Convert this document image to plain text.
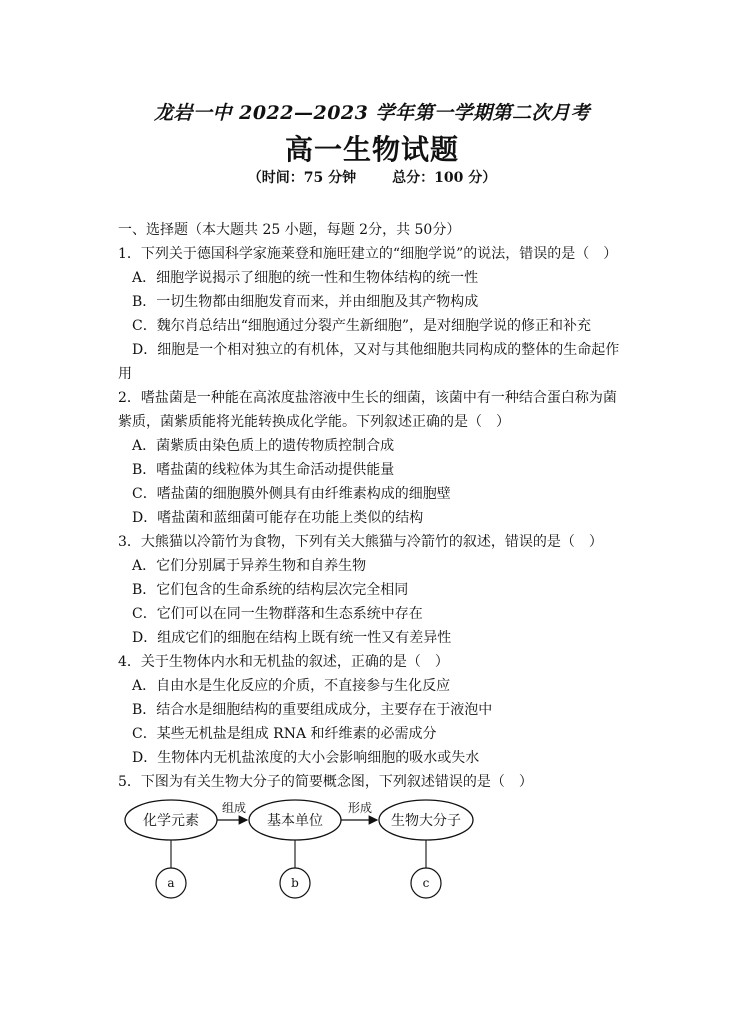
龙岩一中 2022—2023 学年第一学期第二次月考
高一生物试题
（时间：75 分钟	总分：100 分）
一、选择题（本大题共 25 小题，每题 2分，共 50分）
1．下列关于德国科学家施莱登和施旺建立的“细胞学说”的说法，错误的是（　）
A．细胞学说揭示了细胞的统一性和生物体结构的统一性
B．一切生物都由细胞发育而来，并由细胞及其产物构成
C．魏尔肖总结出“细胞通过分裂产生新细胞”，是对细胞学说的修正和补充
D．细胞是一个相对独立的有机体，又对与其他细胞共同构成的整体的生命起作用
2．嗜盐菌是一种能在高浓度盐溶液中生长的细菌，该菌中有一种结合蛋白称为菌紫质，菌紫质能将光能转换成化学能。下列叙述正确的是（　）
A．菌紫质由染色质上的遗传物质控制合成
B．嗜盐菌的线粒体为其生命活动提供能量
C．嗜盐菌的细胞膜外侧具有由纤维素构成的细胞壁
D．嗜盐菌和蓝细菌可能存在功能上类似的结构
3．大熊猫以冷箭竹为食物，下列有关大熊猫与冷箭竹的叙述，错误的是（　）
A．它们分别属于异养生物和自养生物
B．它们包含的生命系统的结构层次完全相同
C．它们可以在同一生物群落和生态系统中存在
D．组成它们的细胞在结构上既有统一性又有差异性
4．关于生物体内水和无机盐的叙述，正确的是（　）
A．自由水是生化反应的介质，不直接参与生化反应
B．结合水是细胞结构的重要组成成分，主要存在于液泡中
C．某些无机盐是组成 RNA 和纤维素的必需成分
D．生物体内无机盐浓度的大小会影响细胞的吸水或失水
5．下图为有关生物大分子的简要概念图，下列叙述错误的是（　）
化学元素	基本单位	生物大分子
组成	形成
a	b	c
